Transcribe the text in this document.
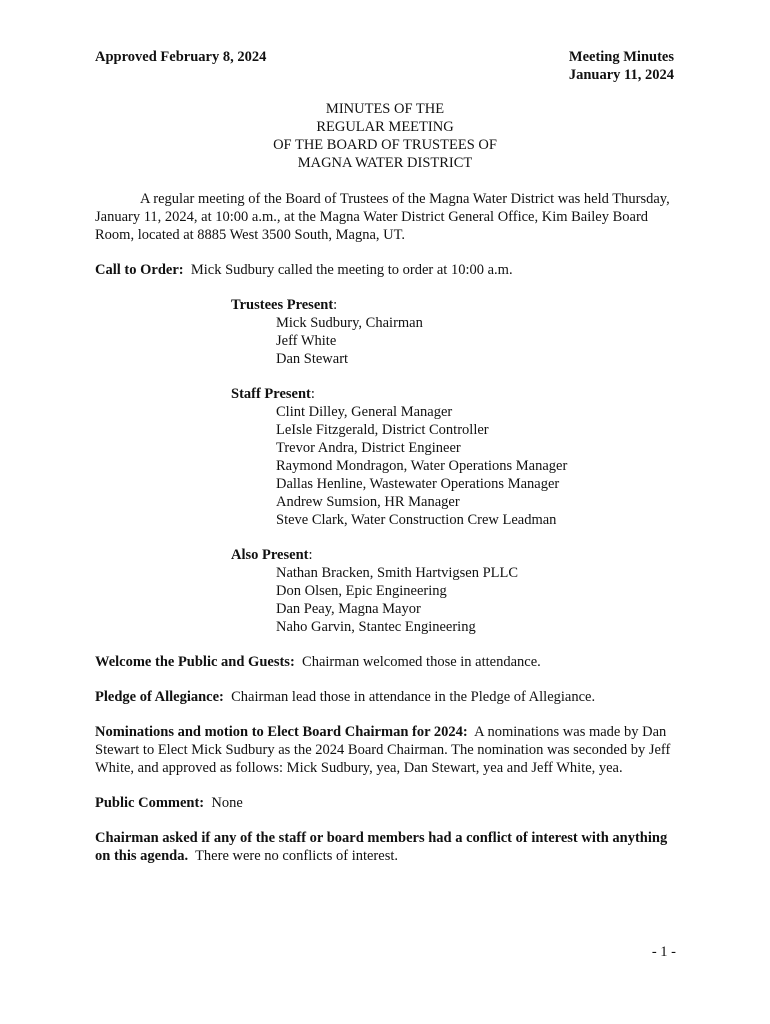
Approved February 8, 2024	Meeting Minutes
January 11, 2024
MINUTES OF THE
REGULAR MEETING
OF THE BOARD OF TRUSTEES OF
MAGNA WATER DISTRICT

A regular meeting of the Board of Trustees of the Magna Water District was held Thursday, January 11, 2024, at 10:00 a.m., at the Magna Water District General Office, Kim Bailey Board Room, located at 8885 West 3500 South, Magna, UT.

Call to Order: Mick Sudbury called the meeting to order at 10:00 a.m.

Trustees Present:
Mick Sudbury, Chairman
Jeff White
Dan Stewart
Staff Present:
Clint Dilley, General Manager
LeIsle Fitzgerald, District Controller
Trevor Andra, District Engineer
Raymond Mondragon, Water Operations Manager
Dallas Henline, Wastewater Operations Manager
Andrew Sumsion, HR Manager
Steve Clark, Water Construction Crew Leadman
Also Present:
Nathan Bracken, Smith Hartvigsen PLLC
Don Olsen, Epic Engineering
Dan Peay, Magna Mayor
Naho Garvin, Stantec Engineering

Welcome the Public and Guests: Chairman welcomed those in attendance.

Pledge of Allegiance: Chairman lead those in attendance in the Pledge of Allegiance.

Nominations and motion to Elect Board Chairman for 2024: A nominations was made by Dan Stewart to Elect Mick Sudbury as the 2024 Board Chairman. The nomination was seconded by Jeff White, and approved as follows: Mick Sudbury, yea, Dan Stewart, yea and Jeff White, yea.

Public Comment: None

Chairman asked if any of the staff or board members had a conflict of interest with anything on this agenda. There were no conflicts of interest.

- 1 -
